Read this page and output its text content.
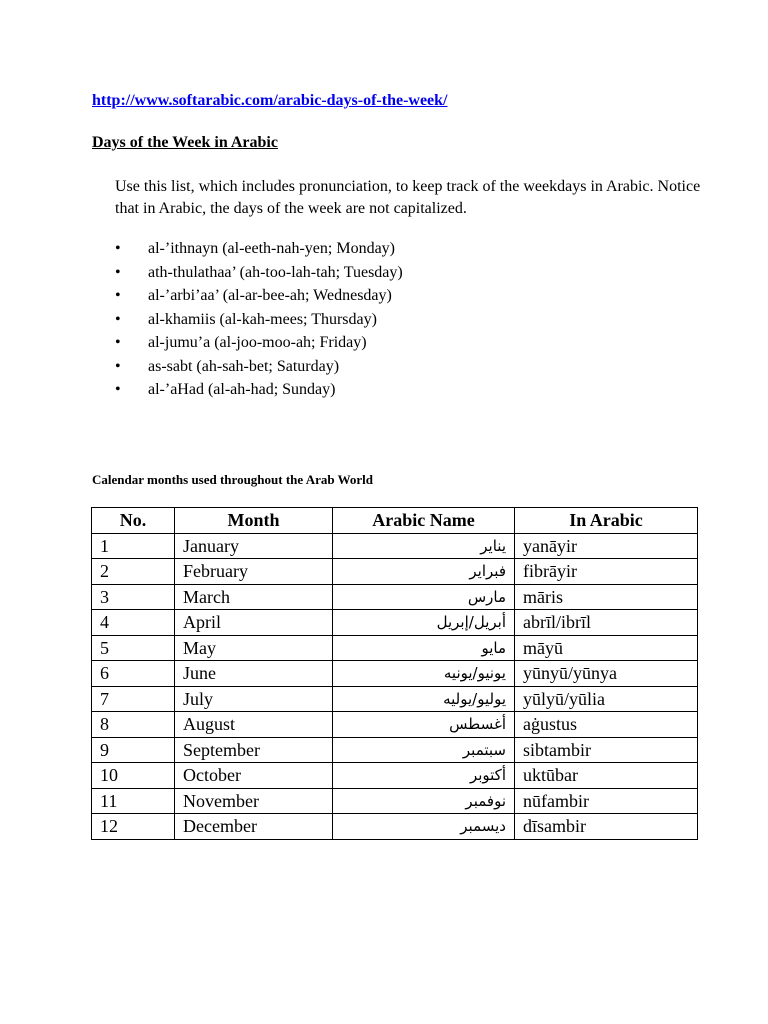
http://www.softarabic.com/arabic-days-of-the-week/
Days of the Week in Arabic
Use this list, which includes pronunciation, to keep track of the weekdays in Arabic. Notice that in Arabic, the days of the week are not capitalized.
• al-’ithnayn (al-eeth-nah-yen; Monday)
• ath-thulathaa’ (ah-too-lah-tah; Tuesday)
• al-’arbi’aa’ (al-ar-bee-ah; Wednesday)
• al-khamiis (al-kah-mees; Thursday)
• al-jumu’a (al-joo-moo-ah; Friday)
• as-sabt (ah-sah-bet; Saturday)
• al-’aHad (al-ah-had; Sunday)
Calendar months used throughout the Arab World
No.	Month	Arabic Name	In Arabic
1	January	يناير	yanāyir
2	February	فبراير	fibrāyir
3	March	مارس	māris
4	April	أبريل/إبريل	abrīl/ibrīl
5	May	مايو	māyū
6	June	يونيو/يونيه	yūnyū/yūnya
7	July	يوليو/يوليه	yūlyū/yūlia
8	August	أغسطس	aġustus
9	September	سبتمبر	sibtambir
10	October	أكتوبر	uktūbar
11	November	نوفمبر	nūfambir
12	December	ديسمبر	dīsambir
